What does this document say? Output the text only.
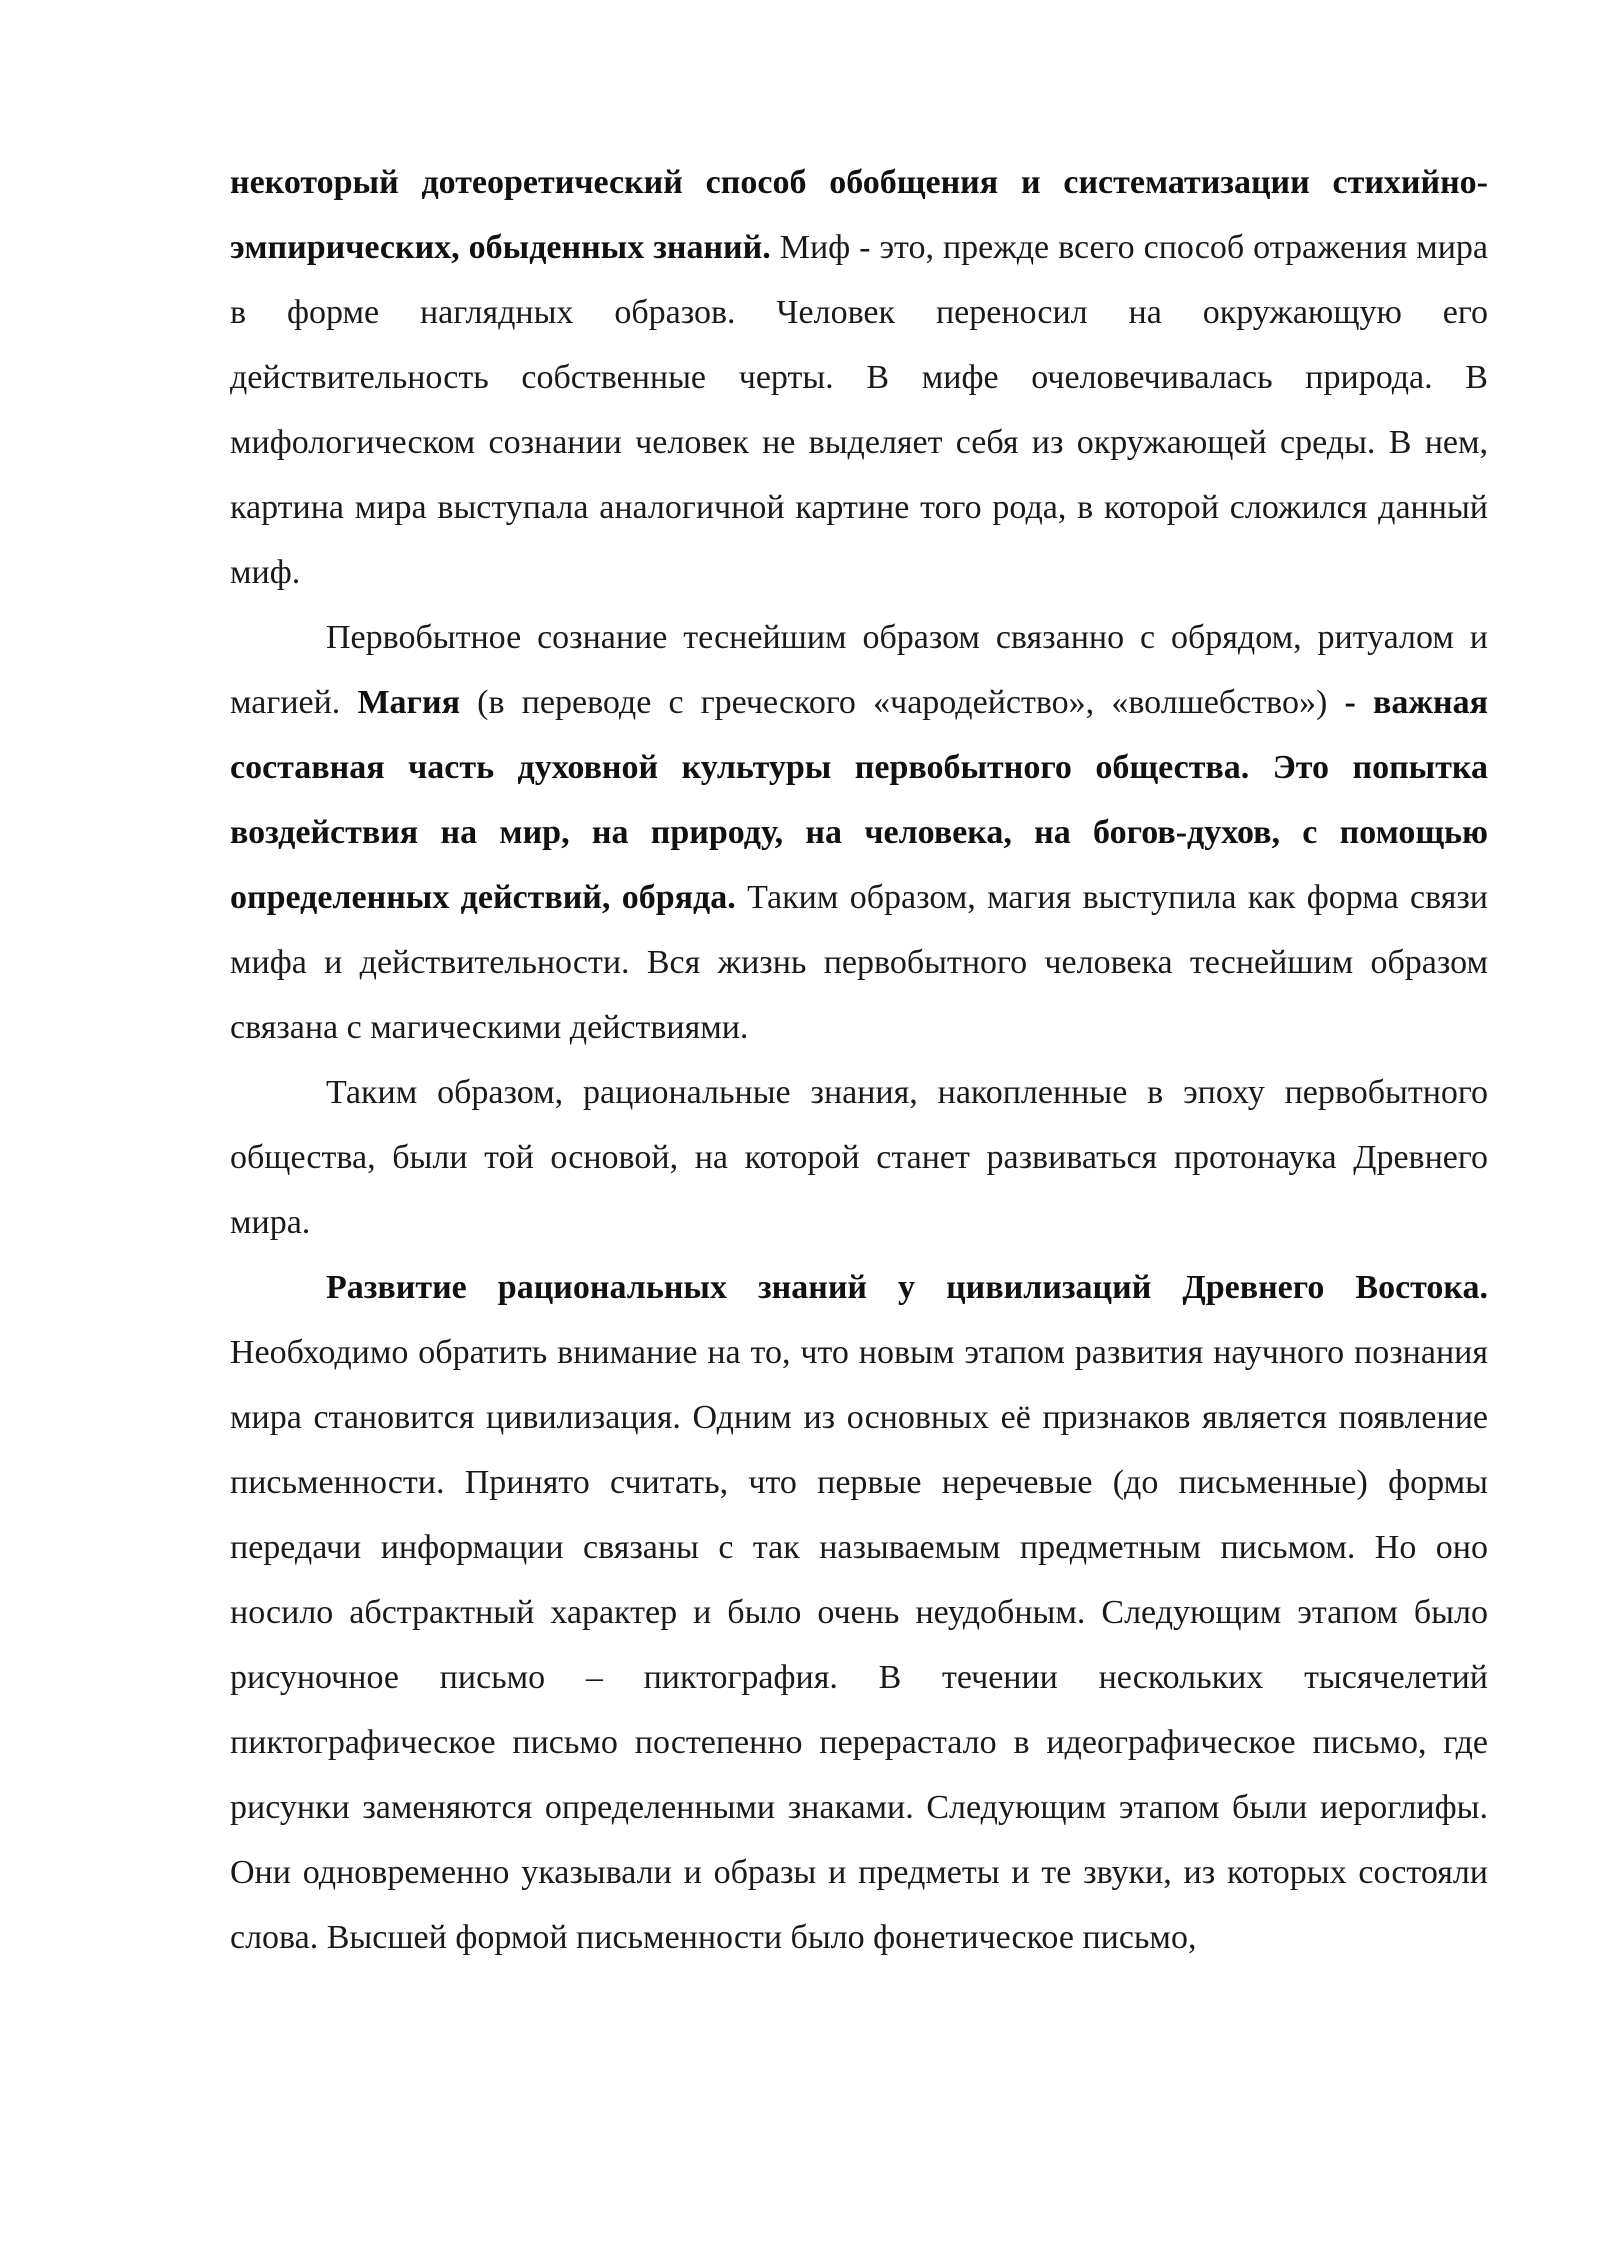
некоторый дотеоретический способ обобщения и систематизации стихийно-эмпирических, обыденных знаний. Миф - это, прежде всего способ отражения мира в форме наглядных образов. Человек переносил на окружающую его действительность собственные черты. В мифе очеловечивалась природа. В мифологическом сознании человек не выделяет себя из окружающей среды. В нем, картина мира выступала аналогичной картине того рода, в которой сложился данный миф.

Первобытное сознание теснейшим образом связанно с обрядом, ритуалом и магией. Магия (в переводе с греческого «чародейство», «волшебство») - важная составная часть духовной культуры первобытного общества. Это попытка воздействия на мир, на природу, на человека, на богов-духов, с помощью определенных действий, обряда. Таким образом, магия выступила как форма связи мифа и действительности. Вся жизнь первобытного человека теснейшим образом связана с магическими действиями.

Таким образом, рациональные знания, накопленные в эпоху первобытного общества, были той основой, на которой станет развиваться протонаука Древнего мира.

Развитие рациональных знаний у цивилизаций Древнего Востока. Необходимо обратить внимание на то, что новым этапом развития научного познания мира становится цивилизация. Одним из основных её признаков является появление письменности. Принято считать, что первые неречевые (до письменные) формы передачи информации связаны с так называемым предметным письмом. Но оно носило абстрактный характер и было очень неудобным. Следующим этапом было рисуночное письмо – пиктография. В течении нескольких тысячелетий пиктографическое письмо постепенно перерастало в идеографическое письмо, где рисунки заменяются определенными знаками. Следующим этапом были иероглифы. Они одновременно указывали и образы и предметы и те звуки, из которых состояли слова. Высшей формой письменности было фонетическое письмо,
